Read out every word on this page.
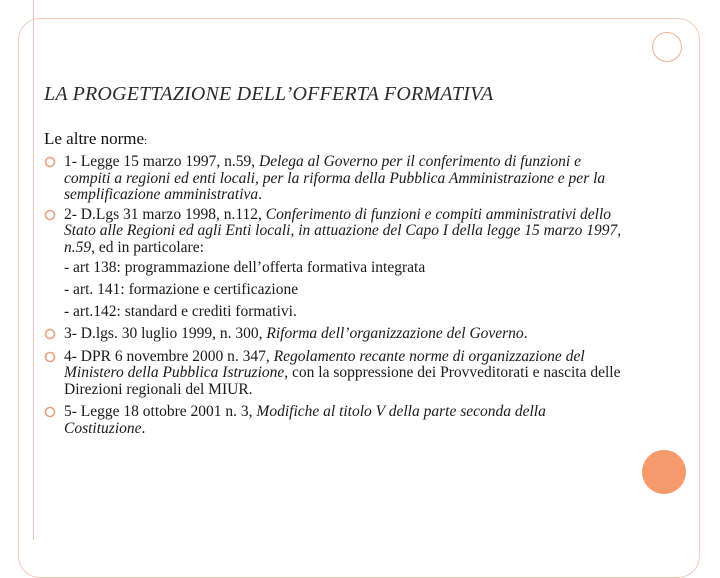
LA PROGETTAZIONE DELL’OFFERTA FORMATIVA
Le altre norme:
1- Legge 15 marzo 1997, n.59, Delega al Governo per il conferimento di funzioni e compiti a regioni ed enti locali, per la riforma della Pubblica Amministrazione e per la semplificazione amministrativa.
2- D.Lgs 31 marzo 1998, n.112, Conferimento di funzioni e compiti amministrativi dello Stato alle Regioni ed agli Enti locali, in attuazione del Capo I della legge 15 marzo 1997, n.59, ed in particolare:
- art 138: programmazione dell’offerta formativa integrata
- art. 141: formazione e certificazione
- art.142: standard e crediti formativi.
3- D.lgs. 30 luglio 1999, n. 300, Riforma dell’organizzazione del Governo.
4- DPR 6 novembre 2000 n. 347, Regolamento recante norme di organizzazione del Ministero della Pubblica Istruzione, con la soppressione dei Provveditorati e nascita delle Direzioni regionali del MIUR.
5- Legge 18 ottobre 2001 n. 3, Modifiche al titolo V della parte seconda della Costituzione.
